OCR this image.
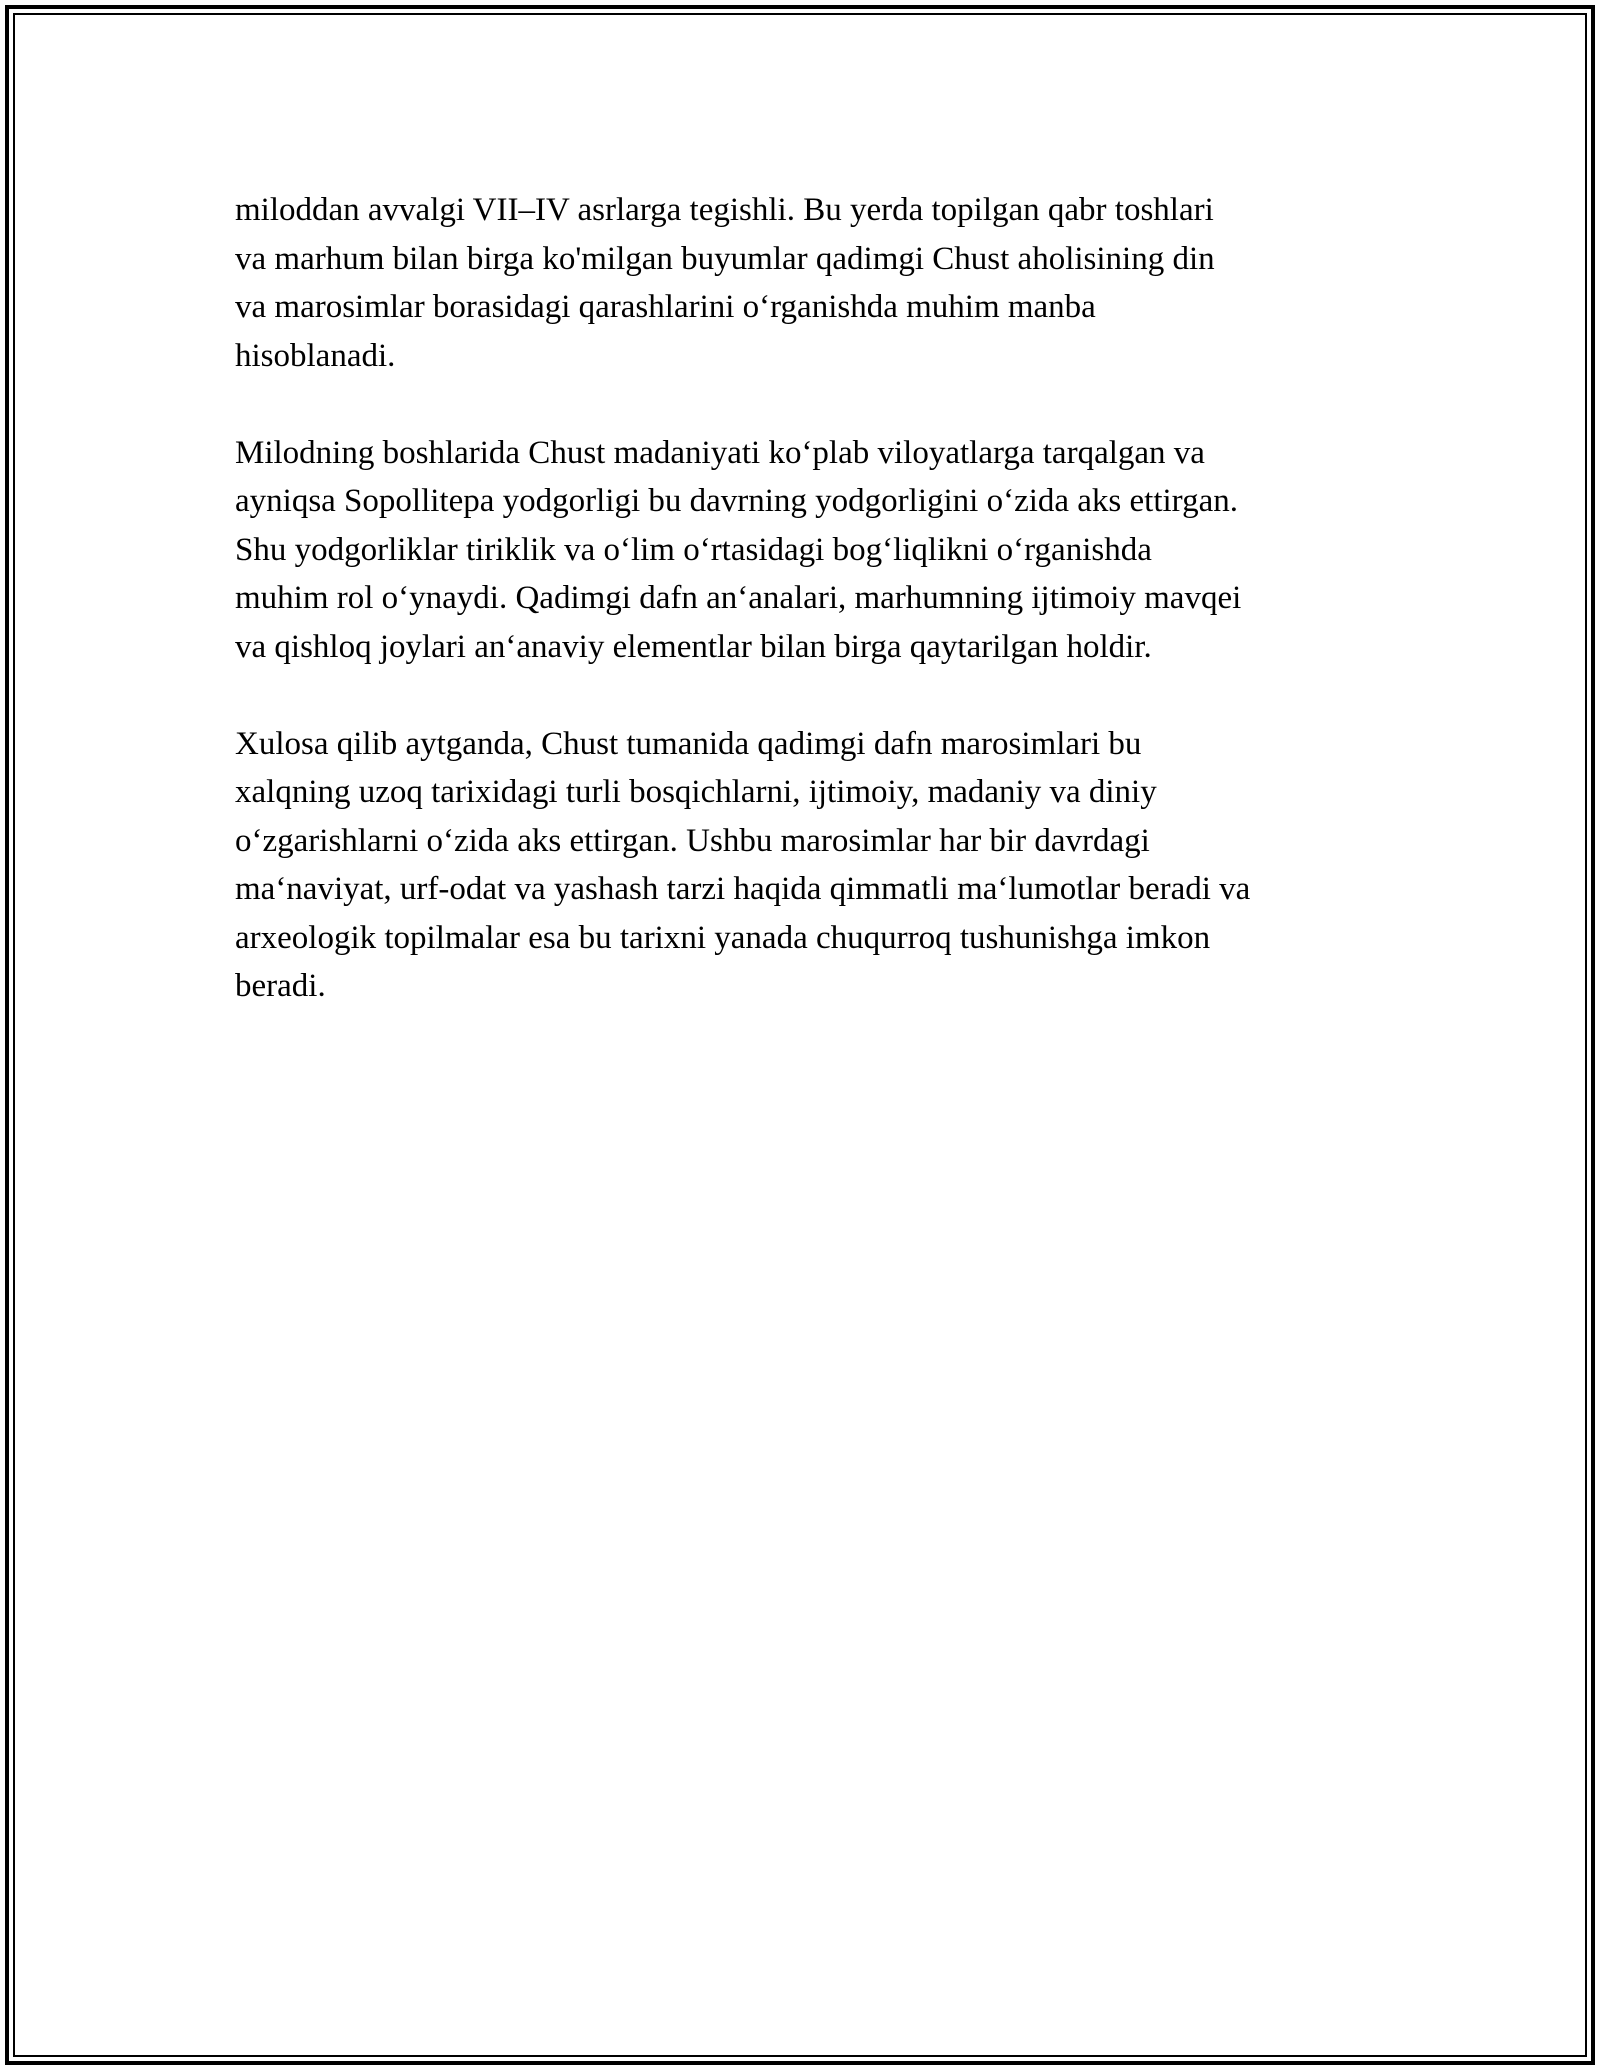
miloddan avvalgi VII–IV asrlarga tegishli. Bu yerda topilgan qabr toshlari
va marhum bilan birga ko'milgan buyumlar qadimgi Chust aholisining din
va marosimlar borasidagi qarashlarini oʻrganishda muhim manba
hisoblanadi.

Milodning boshlarida Chust madaniyati koʻplab viloyatlarga tarqalgan va
ayniqsa Sopollitepa yodgorligi bu davrning yodgorligini oʻzida aks ettirgan.
Shu yodgorliklar tiriklik va oʻlim oʻrtasidagi bogʻliqlikni oʻrganishda
muhim rol oʻynaydi. Qadimgi dafn anʻanalari, marhumning ijtimoiy mavqei
va qishloq joylari anʻanaviy elementlar bilan birga qaytarilgan holdir.

Xulosa qilib aytganda, Chust tumanida qadimgi dafn marosimlari bu
xalqning uzoq tarixidagi turli bosqichlarni, ijtimoiy, madaniy va diniy
oʻzgarishlarni oʻzida aks ettirgan. Ushbu marosimlar har bir davrdagi
maʻnaviyat, urf-odat va yashash tarzi haqida qimmatli maʻlumotlar beradi va
arxeologik topilmalar esa bu tarixni yanada chuqurroq tushunishga imkon
beradi.
